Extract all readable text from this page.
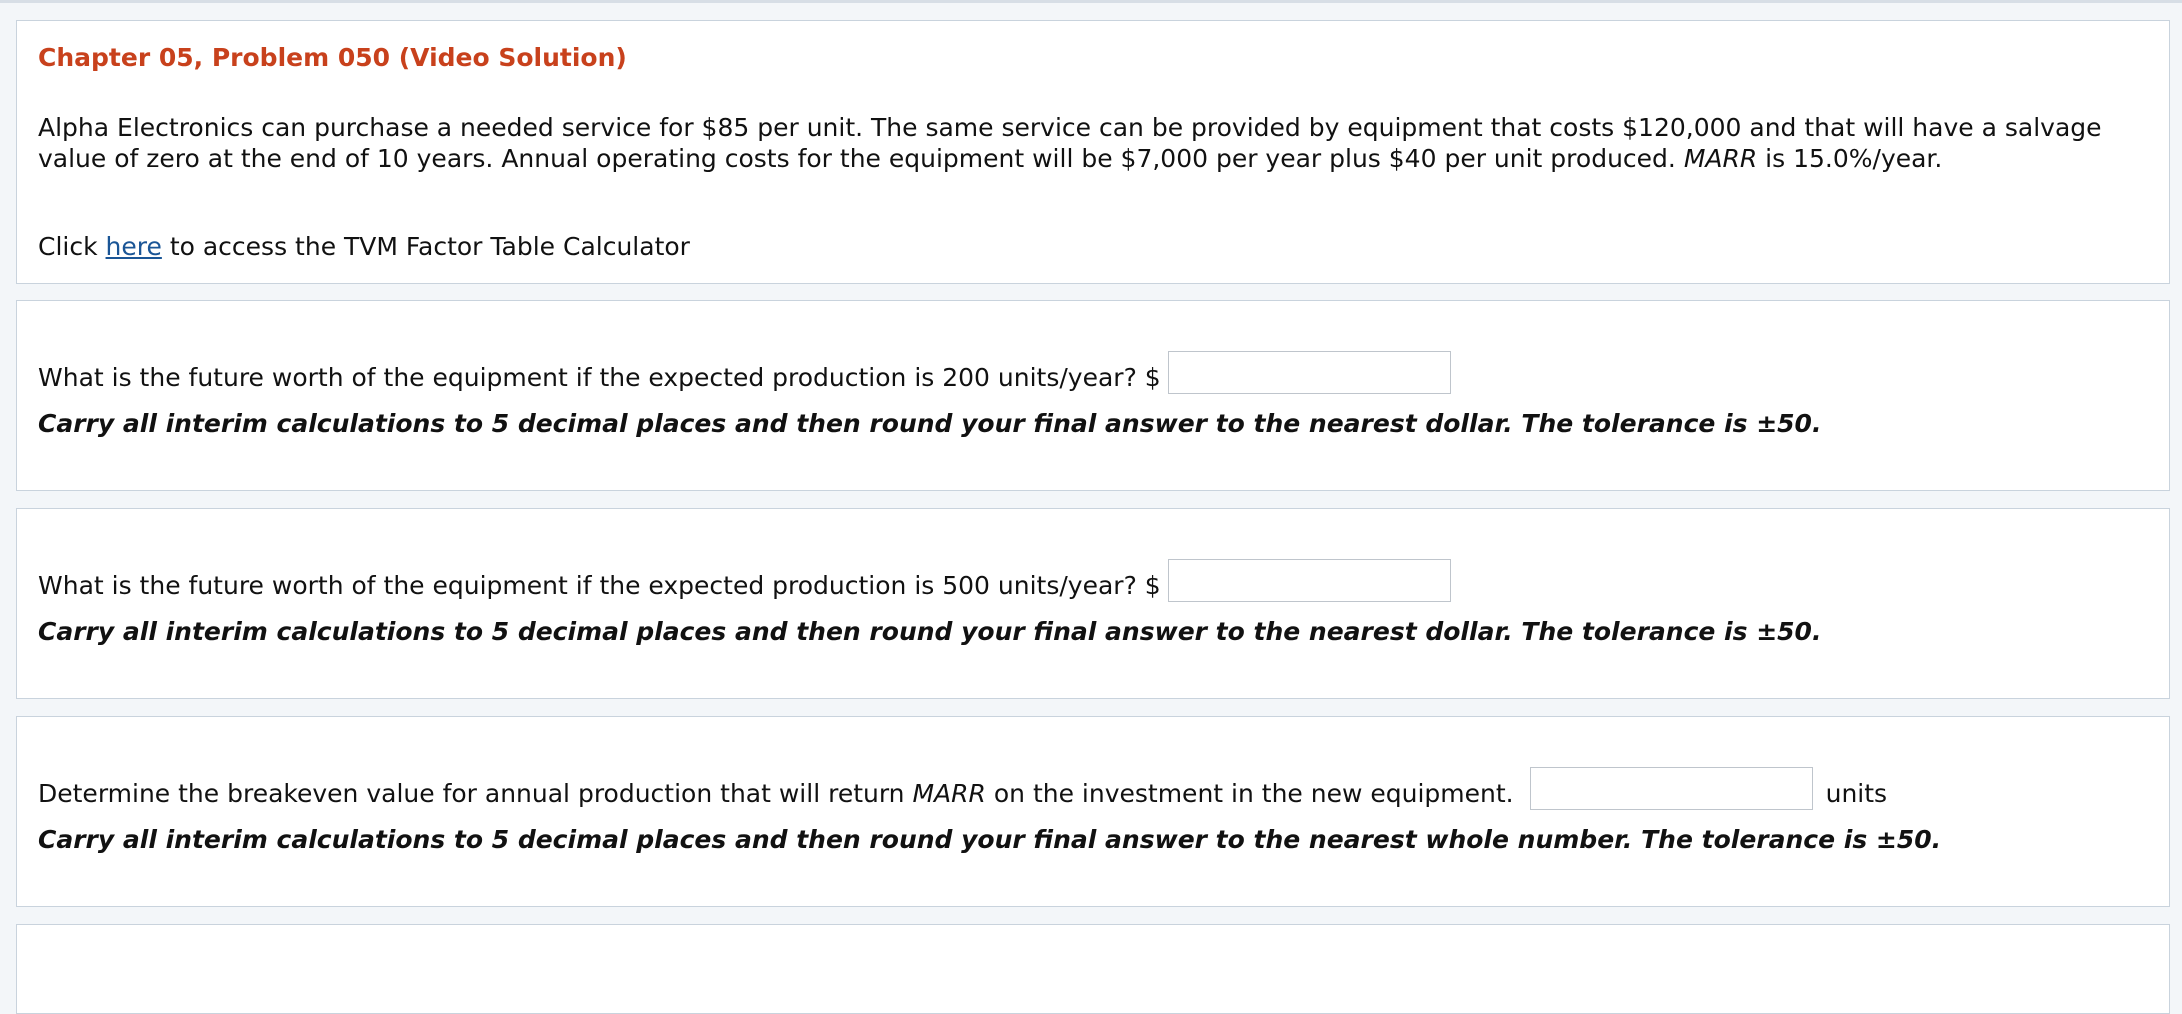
Chapter 05, Problem 050 (Video Solution)
Alpha Electronics can purchase a needed service for $85 per unit. The same service can be provided by equipment that costs $120,000 and that will have a salvage value of zero at the end of 10 years. Annual operating costs for the equipment will be $7,000 per year plus $40 per unit produced. MARR is 15.0%/year.
Click here to access the TVM Factor Table Calculator
What is the future worth of the equipment if the expected production is 200 units/year? $
Carry all interim calculations to 5 decimal places and then round your final answer to the nearest dollar. The tolerance is ±50.
What is the future worth of the equipment if the expected production is 500 units/year? $
Carry all interim calculations to 5 decimal places and then round your final answer to the nearest dollar. The tolerance is ±50.
Determine the breakeven value for annual production that will return MARR on the investment in the new equipment.	units
Carry all interim calculations to 5 decimal places and then round your final answer to the nearest whole number. The tolerance is ±50.
